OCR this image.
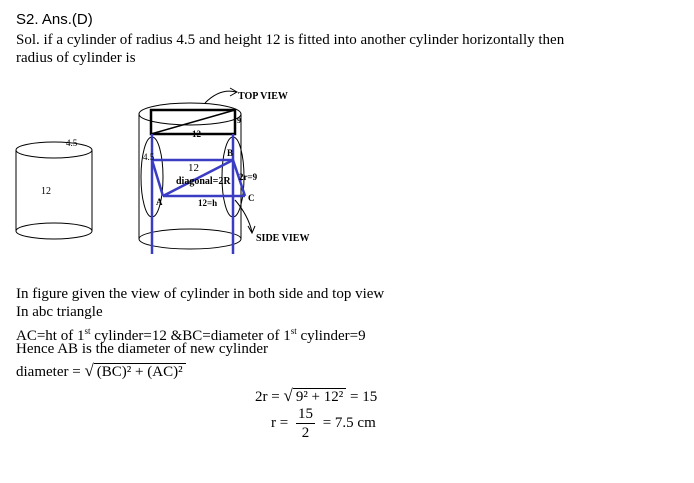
S2. Ans.(D)
Sol. if a cylinder of radius 4.5 and height 12 is fitted into another cylinder horizontally then
radius of cylinder is
4.5
12
TOP VIEW
12
9
4.5
12
diagonal=2R 2r=9
12=h
A
B
C
SIDE VIEW
In figure given the view of cylinder in both side and top view
In abc triangle
AC=ht of 1st cylinder=12 &BC=diameter of 1st cylinder=9
Hence AB is the diameter of new cylinder
diameter = √ (BC)² + (AC)²
2r = √ 9² + 12² = 15
$r = \frac{15}{2} = 7.5$ cm
